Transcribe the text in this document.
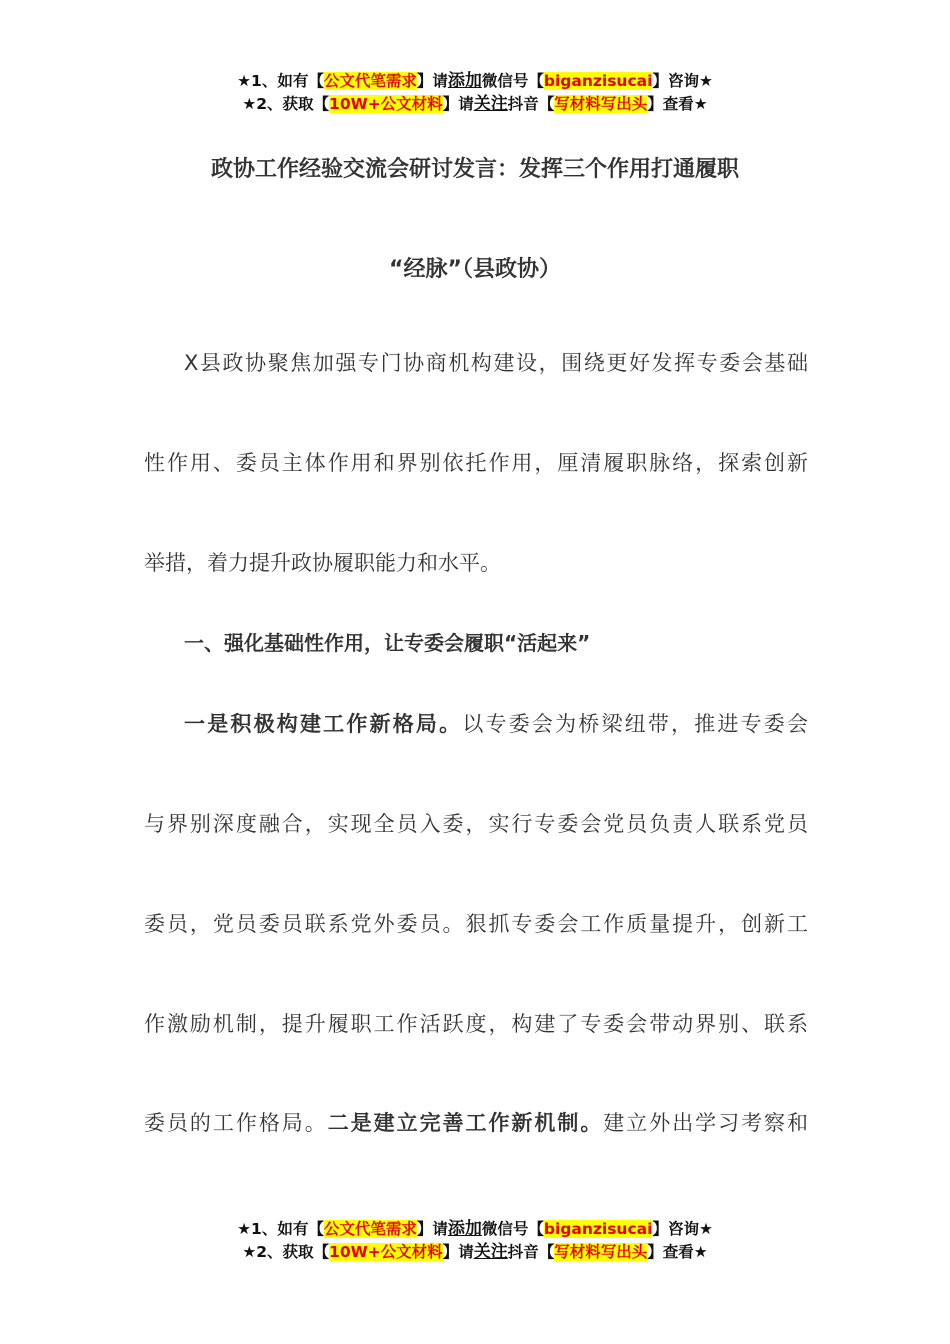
★1、如有【公文代笔需求】请添加微信号【biganzisucai】咨询★
★2、获取【10W+公文材料】请关注抖音【写材料写出头】查看★
政协工作经验交流会研讨发言：发挥三个作用打通履职
“经脉”（县政协）
X县政协聚焦加强专门协商机构建设，围绕更好发挥专委会基础
性作用、委员主体作用和界别依托作用，厘清履职脉络，探索创新
举措，着力提升政协履职能力和水平。
一、强化基础性作用，让专委会履职“活起来”
一是积极构建工作新格局。以专委会为桥梁纽带，推进专委会
与界别深度融合，实现全员入委，实行专委会党员负责人联系党员
委员，党员委员联系党外委员。狠抓专委会工作质量提升，创新工
作激励机制，提升履职工作活跃度，构建了专委会带动界别、联系
委员的工作格局。二是建立完善工作新机制。建立外出学习考察和
★1、如有【公文代笔需求】请添加微信号【biganzisucai】咨询★
★2、获取【10W+公文材料】请关注抖音【写材料写出头】查看★
